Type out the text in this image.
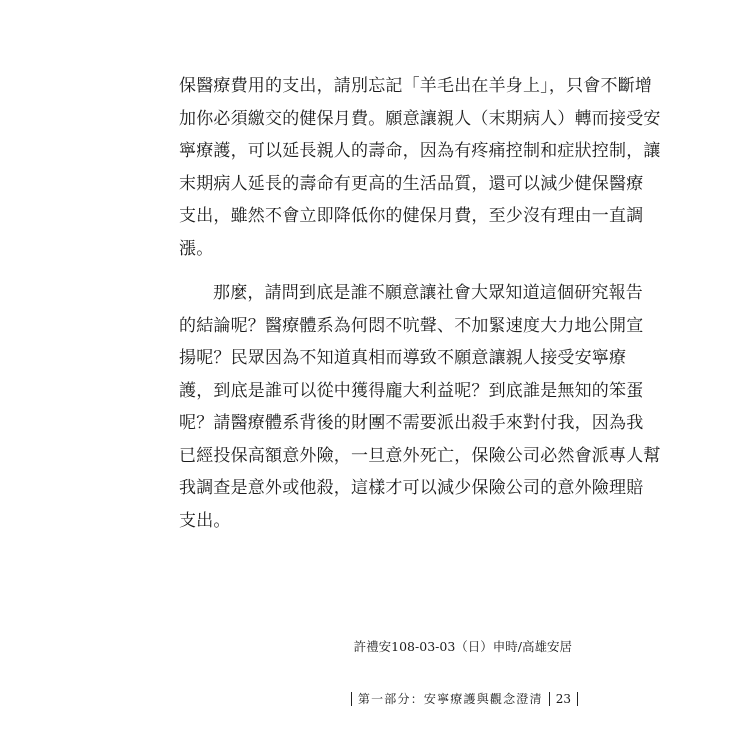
保醫療費用的支出，請別忘記「羊毛出在羊身上」，只會不斷增
加你必須繳交的健保月費。願意讓親人（末期病人）轉而接受安
寧療護，可以延長親人的壽命，因為有疼痛控制和症狀控制，讓
末期病人延長的壽命有更高的生活品質，還可以減少健保醫療
支出，雖然不會立即降低你的健保月費，至少沒有理由一直調
漲。

那麼，請問到底是誰不願意讓社會大眾知道這個研究報告
的結論呢？醫療體系為何悶不吭聲、不加緊速度大力地公開宣
揚呢？民眾因為不知道真相而導致不願意讓親人接受安寧療
護，到底是誰可以從中獲得龐大利益呢？到底誰是無知的笨蛋
呢？請醫療體系背後的財團不需要派出殺手來對付我，因為我
已經投保高額意外險，一旦意外死亡，保險公司必然會派專人幫
我調查是意外或他殺，這樣才可以減少保險公司的意外險理賠
支出。

許禮安108-03-03（日）申時/高雄安居
第一部分：安寧療護與觀念澄清 23
